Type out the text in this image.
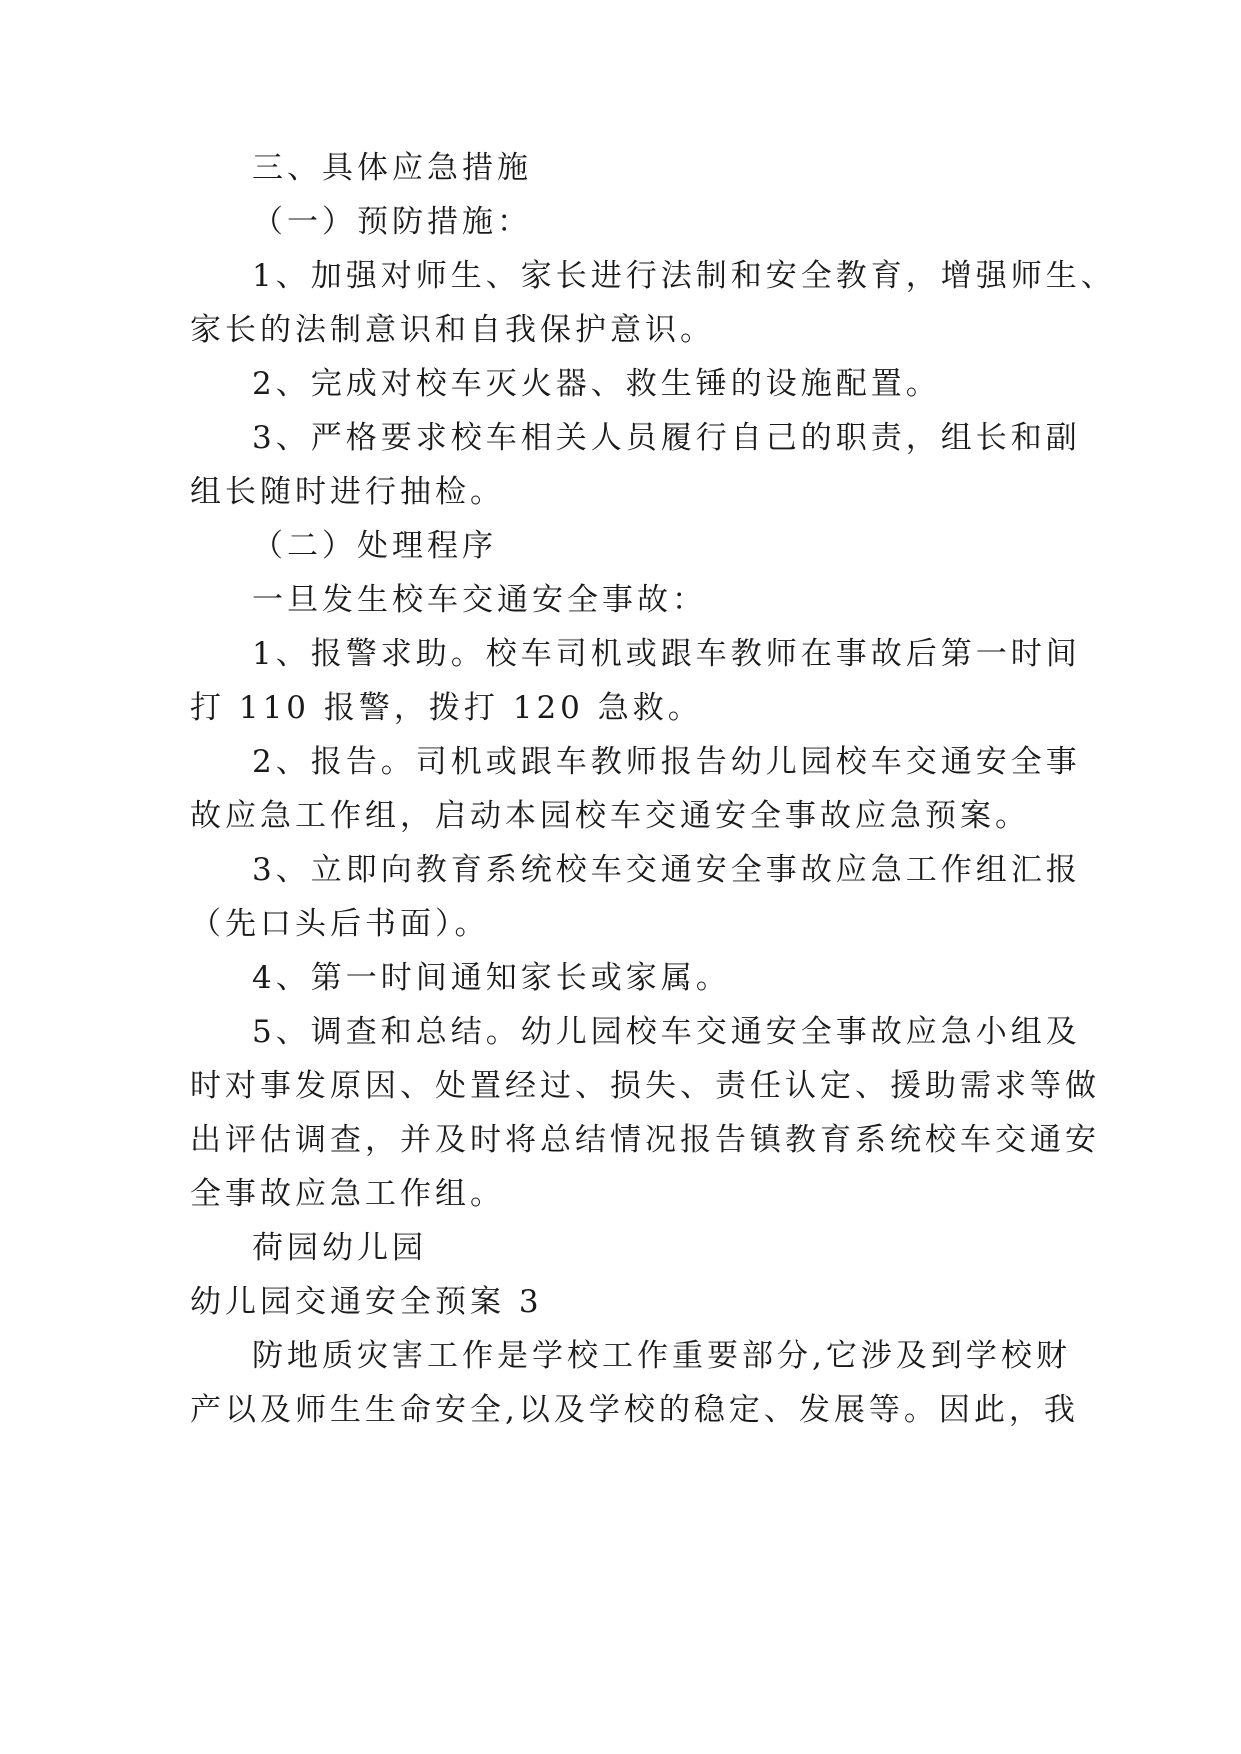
三、具体应急措施
（一）预防措施：
1、加强对师生、家长进行法制和安全教育，增强师生、
家长的法制意识和自我保护意识。
2、完成对校车灭火器、救生锤的设施配置。
3、严格要求校车相关人员履行自己的职责，组长和副
组长随时进行抽检。
（二）处理程序
一旦发生校车交通安全事故：
1、报警求助。校车司机或跟车教师在事故后第一时间
打 110 报警，拨打 120 急救。
2、报告。司机或跟车教师报告幼儿园校车交通安全事
故应急工作组，启动本园校车交通安全事故应急预案。
3、立即向教育系统校车交通安全事故应急工作组汇报
（先口头后书面）。
4、第一时间通知家长或家属。
5、调查和总结。幼儿园校车交通安全事故应急小组及
时对事发原因、处置经过、损失、责任认定、援助需求等做
出评估调查，并及时将总结情况报告镇教育系统校车交通安
全事故应急工作组。
荷园幼儿园
幼儿园交通安全预案 3
防地质灾害工作是学校工作重要部分,它涉及到学校财
产以及师生生命安全,以及学校的稳定、发展等。因此，我
